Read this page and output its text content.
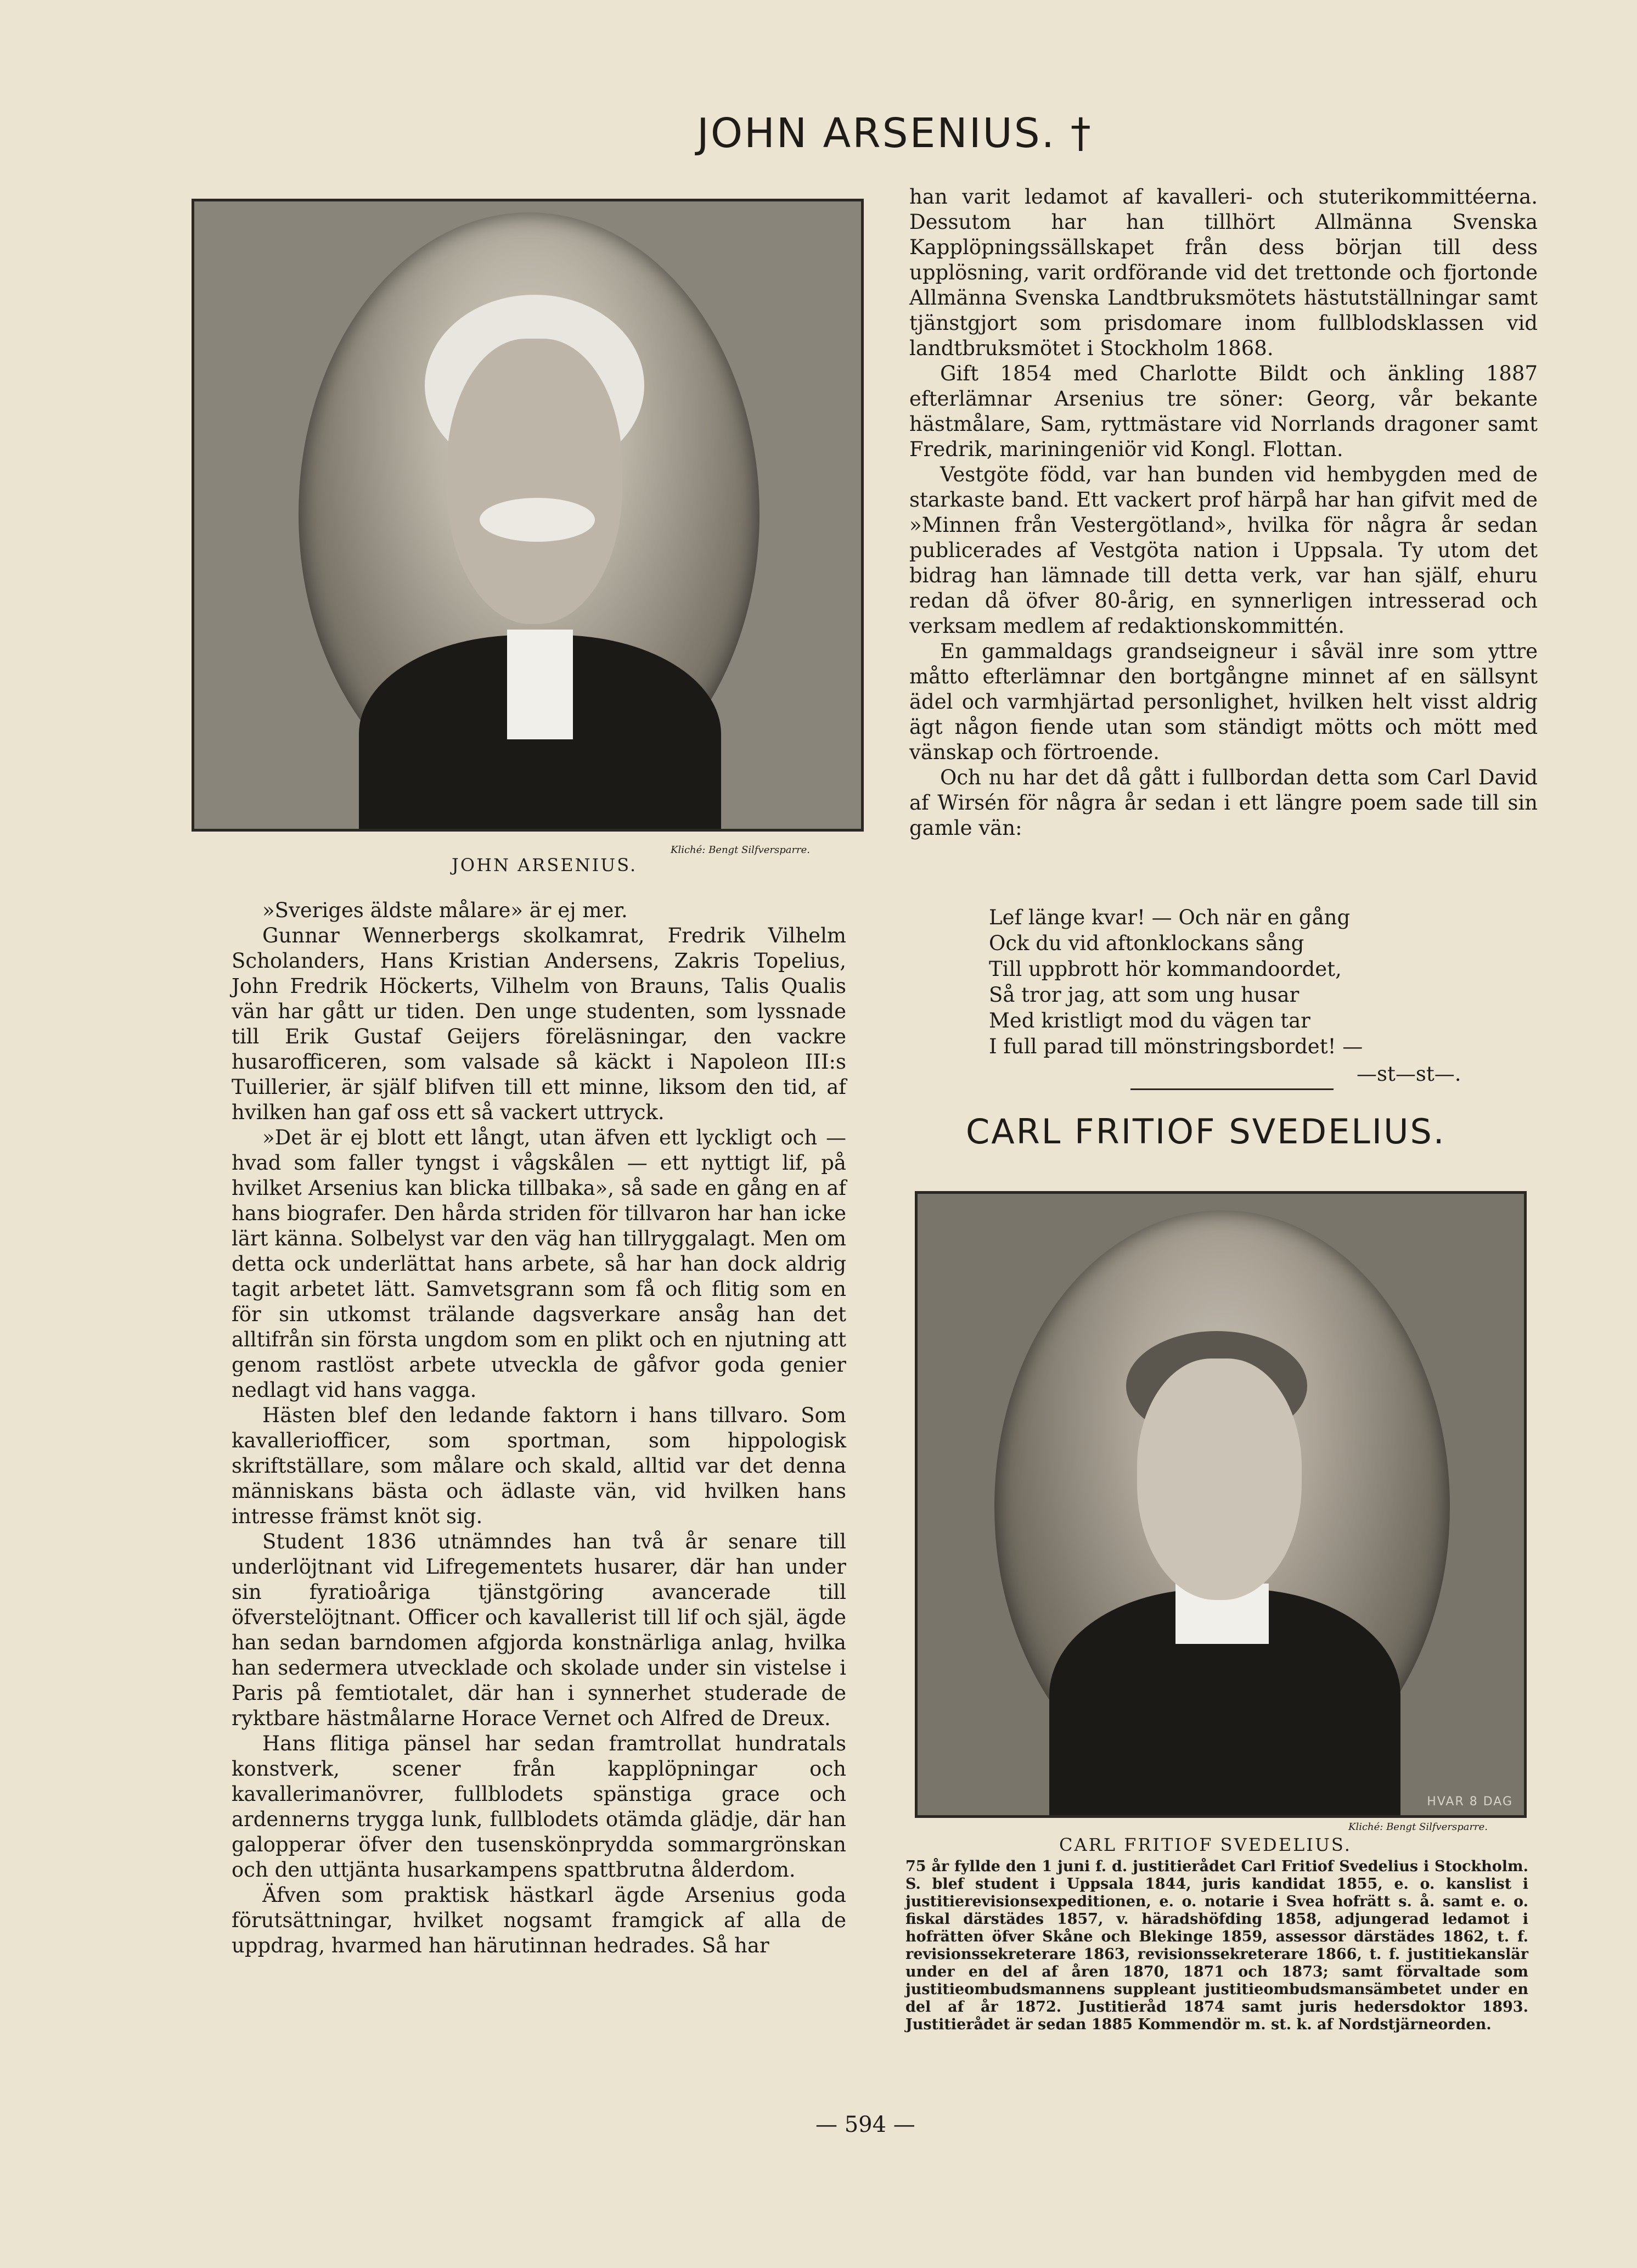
JOHN ARSENIUS. †
Kliché: Bengt Silfversparre.
JOHN ARSENIUS.

»Sveriges äldste målare» är ej mer.

Gunnar Wennerbergs skolkamrat, Fredrik Vilhelm Scholanders, Hans Kristian Andersens, Zakris Topelius, John Fredrik Höckerts, Vilhelm von Brauns, Talis Qualis vän har gått ur tiden. Den unge studenten, som lyssnade till Erik Gustaf Geijers föreläsningar, den vackre husarofficeren, som valsade så käckt i Napoleon III:s Tuillerier, är själf blifven till ett minne, liksom den tid, af hvilken han gaf oss ett så vackert uttryck.

»Det är ej blott ett långt, utan äfven ett lyckligt och — hvad som faller tyngst i vågskålen — ett nyttigt lif, på hvilket Arsenius kan blicka tillbaka», så sade en gång en af hans biografer. Den hårda striden för tillvaron har han icke lärt känna. Solbelyst var den väg han tillryggalagt. Men om detta ock underlättat hans arbete, så har han dock aldrig tagit arbetet lätt. Samvetsgrann som få och flitig som en för sin utkomst trälande dagsverkare ansåg han det alltifrån sin första ungdom som en plikt och en njutning att genom rastlöst arbete utveckla de gåfvor goda genier nedlagt vid hans vagga.

Hästen blef den ledande faktorn i hans tillvaro. Som kavalleriofficer, som sportman, som hippologisk skriftställare, som målare och skald, alltid var det denna människans bästa och ädlaste vän, vid hvilken hans intresse främst knöt sig.

Student 1836 utnämndes han två år senare till underlöjtnant vid Lifregementets husarer, där han under sin fyratioåriga tjänstgöring avancerade till öfverstelöjtnant. Officer och kavallerist till lif och själ, ägde han sedan barndomen afgjorda konstnärliga anlag, hvilka han sedermera utvecklade och skolade under sin vistelse i Paris på femtiotalet, där han i synnerhet studerade de ryktbare hästmålarne Horace Vernet och Alfred de Dreux.

Hans flitiga pänsel har sedan framtrollat hundratals konstverk, scener från kapplöpningar och kavallerimanövrer, fullblodets spänstiga grace och ardennerns trygga lunk, fullblodets otämda glädje, där han galopperar öfver den tusenskönprydda sommargrönskan och den uttjänta husarkampens spattbrutna ålderdom.

Äfven som praktisk hästkarl ägde Arsenius goda förutsättningar, hvilket nogsamt framgick af alla de uppdrag, hvarmed han härutinnan hedrades. Så har

han varit ledamot af kavalleri- och stuterikommittéerna. Dessutom har han tillhört Allmänna Svenska Kapplöpningssällskapet från dess början till dess upplösning, varit ordförande vid det trettonde och fjortonde Allmänna Svenska Landtbruksmötets hästutställningar samt tjänstgjort som prisdomare inom fullblodsklassen vid landtbruksmötet i Stockholm 1868.

Gift 1854 med Charlotte Bildt och änkling 1887 efterlämnar Arsenius tre söner: Georg, vår bekante hästmålare, Sam, ryttmästare vid Norrlands dragoner samt Fredrik, mariningeniör vid Kongl. Flottan.

Vestgöte född, var han bunden vid hembygden med de starkaste band. Ett vackert prof härpå har han gifvit med de »Minnen från Vestergötland», hvilka för några år sedan publicerades af Vestgöta nation i Uppsala. Ty utom det bidrag han lämnade till detta verk, var han själf, ehuru redan då öfver 80-årig, en synnerligen intresserad och verksam medlem af redaktionskommittén.

En gammaldags grandseigneur i såväl inre som yttre måtto efterlämnar den bortgångne minnet af en sällsynt ädel och varmhjärtad personlighet, hvilken helt visst aldrig ägt någon fiende utan som ständigt mötts och mött med vänskap och förtroende.

Och nu har det då gått i fullbordan detta som Carl David af Wirsén för några år sedan i ett längre poem sade till sin gamle vän:

Lef länge kvar! — Och när en gång
Ock du vid aftonklockans sång
Till uppbrott hör kommandoordet,
Så tror jag, att som ung husar
Med kristligt mod du vägen tar
I full parad till mönstringsbordet! —
—st—st—.
CARL FRITIOF SVEDELIUS.
HVAR 8 DAG
Kliché: Bengt Silfversparre.
CARL FRITIOF SVEDELIUS.
75 år fyllde den 1 juni f. d. justitierådet Carl Fritiof Svedelius i Stockholm. S. blef student i Uppsala 1844, juris kandidat 1855, e. o. kanslist i justitierevisionsexpeditionen, e. o. notarie i Svea hofrätt s. å. samt e. o. fiskal därstädes 1857, v. häradshöfding 1858, adjungerad ledamot i hofrätten öfver Skåne och Blekinge 1859, assessor därstädes 1862, t. f. revisionssekreterare 1863, revisionssekreterare 1866, t. f. justitiekanslär under en del af åren 1870, 1871 och 1873; samt förvaltade som justitieombudsmannens suppleant justitieombudsmansämbetet under en del af år 1872. Justitieråd 1874 samt juris hedersdoktor 1893. Justitierådet är sedan 1885 Kommendör m. st. k. af Nordstjärneorden.
— 594 —
